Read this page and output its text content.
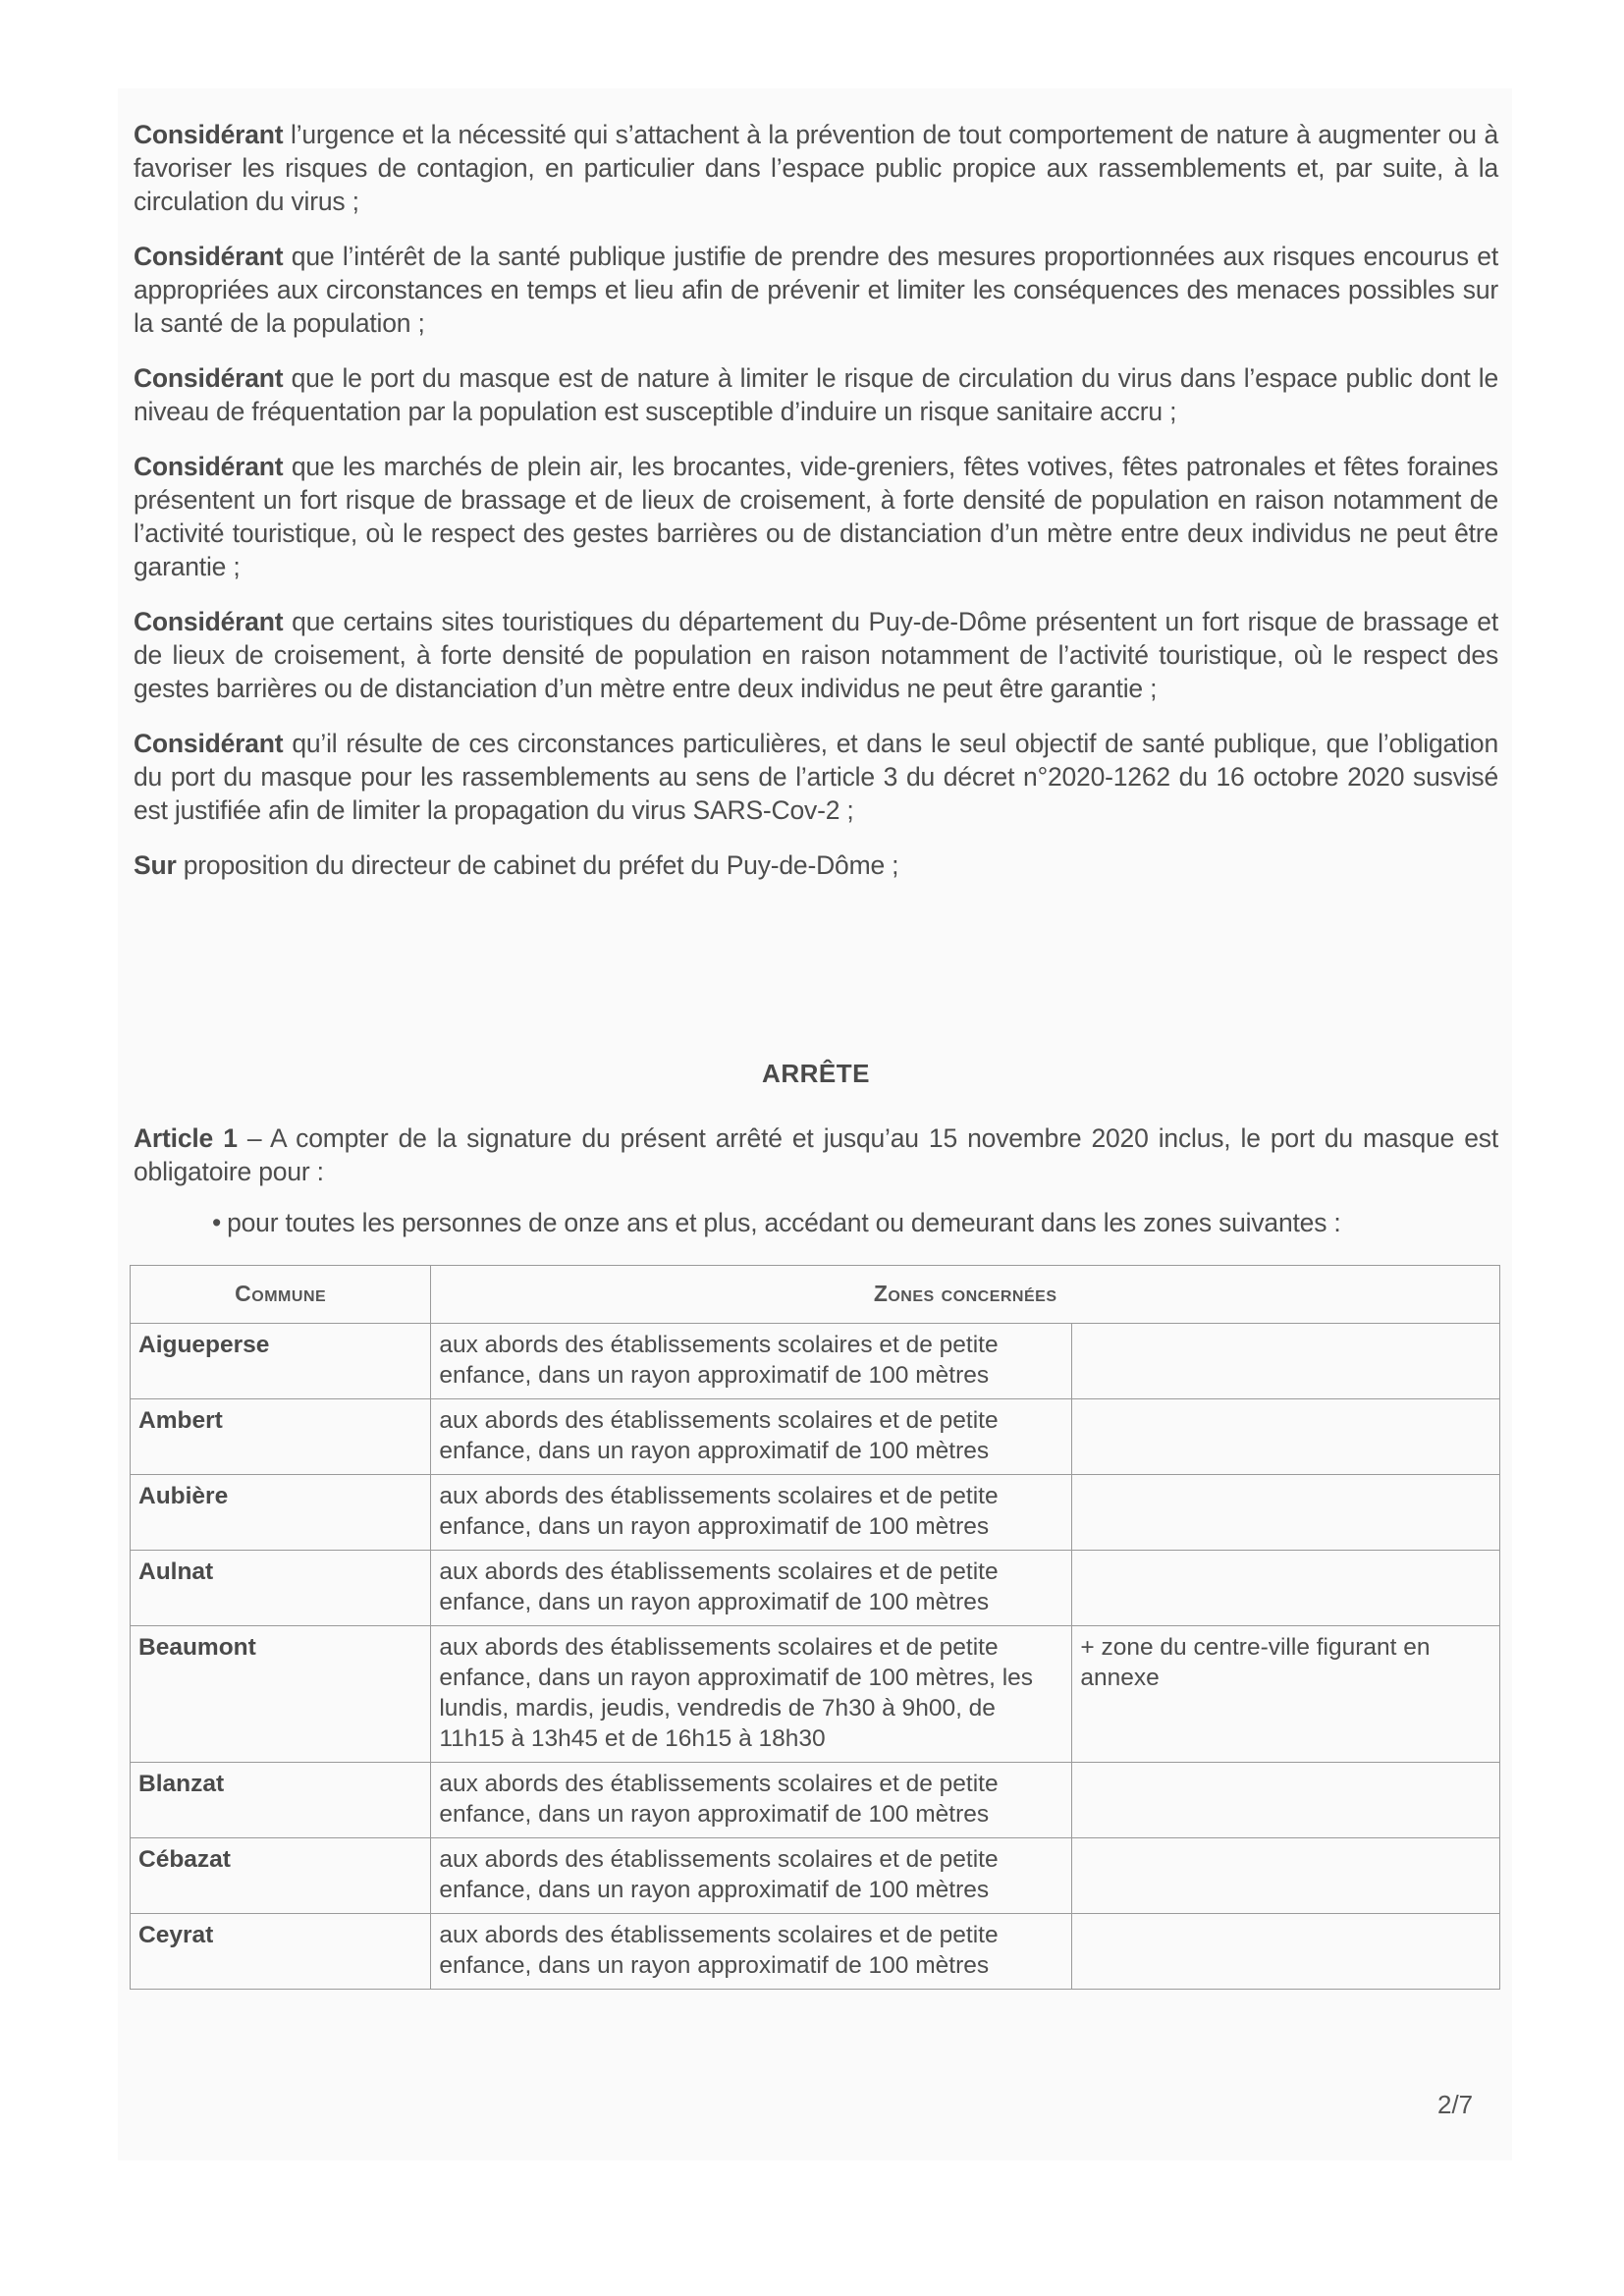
Considérant l’urgence et la nécessité qui s’attachent à la prévention de tout comportement de nature à augmenter ou à favoriser les risques de contagion, en particulier dans l’espace public propice aux rassemblements et, par suite, à la circulation du virus ;

Considérant que l’intérêt de la santé publique justifie de prendre des mesures proportionnées aux risques encourus et appropriées aux circonstances en temps et lieu afin de prévenir et limiter les conséquences des menaces possibles sur la santé de la population ;

Considérant que le port du masque est de nature à limiter le risque de circulation du virus dans l’espace public dont le niveau de fréquentation par la population est susceptible d’induire un risque sanitaire accru ;

Considérant que les marchés de plein air, les brocantes, vide-greniers, fêtes votives, fêtes patronales et fêtes foraines présentent un fort risque de brassage et de lieux de croisement, à forte densité de population en raison notamment de l’activité touristique, où le respect des gestes barrières ou de distanciation d’un mètre entre deux individus ne peut être garantie ;

Considérant que certains sites touristiques du département du Puy-de-Dôme présentent un fort risque de brassage et de lieux de croisement, à forte densité de population en raison notamment de l’activité touristique, où le respect des gestes barrières ou de distanciation d’un mètre entre deux individus ne peut être garantie ;

Considérant qu’il résulte de ces circonstances particulières, et dans le seul objectif de santé publique, que l’obligation du port du masque pour les rassemblements au sens de l’article 3 du décret n°2020-1262 du 16 octobre 2020 susvisé est justifiée afin de limiter la propagation du virus SARS-Cov-2 ;

Sur proposition du directeur de cabinet du préfet du Puy-de-Dôme ;

ARRÊTE

Article 1 – A compter de la signature du présent arrêté et jusqu’au 15 novembre 2020 inclus, le port du masque est obligatoire pour :

• pour toutes les personnes de onze ans et plus, accédant ou demeurant dans les zones suivantes :
Commune	Zones concernées	
Aigueperse	aux abords des établissements scolaires et de petite enfance, dans un rayon approximatif de 100 mètres	
Ambert	aux abords des établissements scolaires et de petite enfance, dans un rayon approximatif de 100 mètres	
Aubière	aux abords des établissements scolaires et de petite enfance, dans un rayon approximatif de 100 mètres	
Aulnat	aux abords des établissements scolaires et de petite enfance, dans un rayon approximatif de 100 mètres	
Beaumont	aux abords des établissements scolaires et de petite enfance, dans un rayon approximatif de 100 mètres, les lundis, mardis, jeudis, vendredis de 7h30 à 9h00, de 11h15 à 13h45 et de 16h15 à 18h30	+ zone du centre-ville figurant en annexe
Blanzat	aux abords des établissements scolaires et de petite enfance, dans un rayon approximatif de 100 mètres	
Cébazat	aux abords des établissements scolaires et de petite enfance, dans un rayon approximatif de 100 mètres	
Ceyrat	aux abords des établissements scolaires et de petite enfance, dans un rayon approximatif de 100 mètres	
2/7
